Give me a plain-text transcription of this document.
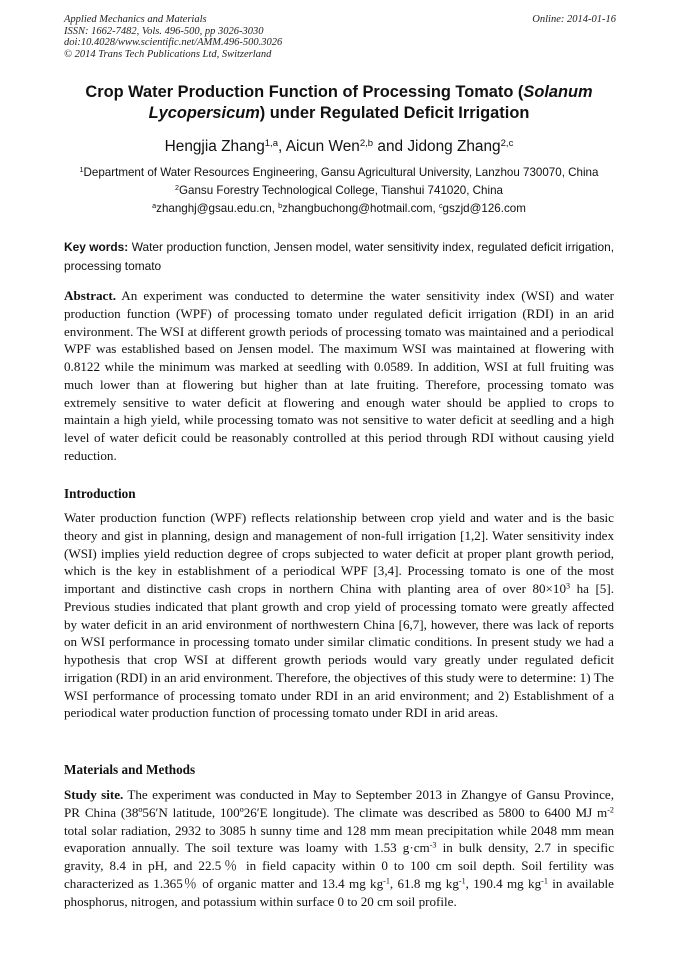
Applied Mechanics and Materials
ISSN: 1662-7482, Vols. 496-500, pp 3026-3030
doi:10.4028/www.scientific.net/AMM.496-500.3026
© 2014 Trans Tech Publications Ltd, Switzerland
Online: 2014-01-16
Crop Water Production Function of Processing Tomato (Solanum Lycopersicum) under Regulated Deficit Irrigation
Hengjia Zhang$^{1,a}$, Aicun Wen$^{2,b}$ and Jidong Zhang$^{2,c}$
$^1$Department of Water Resources Engineering, Gansu Agricultural University, Lanzhou 730070, China
$^2$Gansu Forestry Technological College, Tianshui 741020, China
$^a$zhanghj@gsau.edu.cn, $^b$zhangbuchong@hotmail.com, $^c$gszjd@126.com
Key words: Water production function, Jensen model, water sensitivity index, regulated deficit irrigation, processing tomato
Abstract. An experiment was conducted to determine the water sensitivity index (WSI) and water production function (WPF) of processing tomato under regulated deficit irrigation (RDI) in an arid environment. The WSI at different growth periods of processing tomato was maintained and a periodical WPF was established based on Jensen model. The maximum WSI was maintained at flowering with 0.8122 while the minimum was marked at seedling with 0.0589. In addition, WSI at full fruiting was much lower than at flowering but higher than at late fruiting. Therefore, processing tomato was extremely sensitive to water deficit at flowering and enough water should be applied to crops to maintain a high yield, while processing tomato was not sensitive to water deficit at seedling and a high level of water deficit could be reasonably controlled at this period through RDI without causing yield reduction.
Introduction
Water production function (WPF) reflects relationship between crop yield and water and is the basic theory and gist in planning, design and management of non-full irrigation [1,2]. Water sensitivity index (WSI) implies yield reduction degree of crops subjected to water deficit at proper plant growth period, which is the key in establishment of a periodical WPF [3,4]. Processing tomato is one of the most important and distinctive cash crops in northern China with planting area of over $80\times 10^3$ ha [5]. Previous studies indicated that plant growth and crop yield of processing tomato were greatly affected by water deficit in an arid environment of northwestern China [6,7], however, there was lack of reports on WSI performance in processing tomato under similar climatic conditions. In present study we had a hypothesis that crop WSI at different growth periods would vary greatly under regulated deficit irrigation (RDI) in an arid environment. Therefore, the objectives of this study were to determine: 1) The WSI performance of processing tomato under RDI in an arid environment; and 2) Establishment of a periodical water production function of processing tomato under RDI in arid areas.
Materials and Methods
Study site. The experiment was conducted in May to September 2013 in Zhangye of Gansu Province, PR China (38º56′N latitude, 100º26′E longitude). The climate was described as 5800 to 6400 MJ $m^{-2}$ total solar radiation, 2932 to 3085 h sunny time and 128 mm mean precipitation while 2048 mm mean evaporation annually. The soil texture was loamy with 1.53 $g\cdot cm^{-3}$ in bulk density, 2.7 in specific gravity, 8.4 in pH, and 22.5％ in field capacity within 0 to 100 cm soil depth. Soil fertility was characterized as 1.365％ of organic matter and 13.4 mg $kg^{-1}$, 61.8 mg $kg^{-1}$, 190.4 mg $kg^{-1}$ in available phosphorus, nitrogen, and potassium within surface 0 to 20 cm soil profile.
